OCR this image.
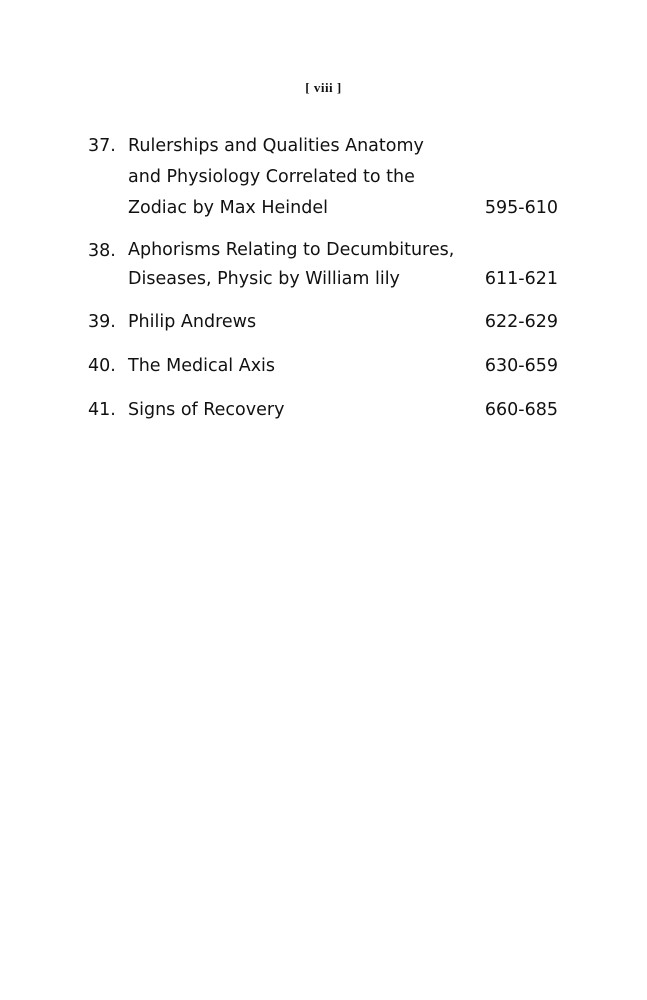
[ viii ]
37. Rulerships and Qualities Anatomy
and Physiology Correlated to the
Zodiac by Max Heindel	595-610
38. Aphorisms Relating to Decumbitures,
Diseases, Physic by William lily	611-621
39. Philip Andrews	622-629
40. The Medical Axis	630-659
41. Signs of Recovery	660-685
